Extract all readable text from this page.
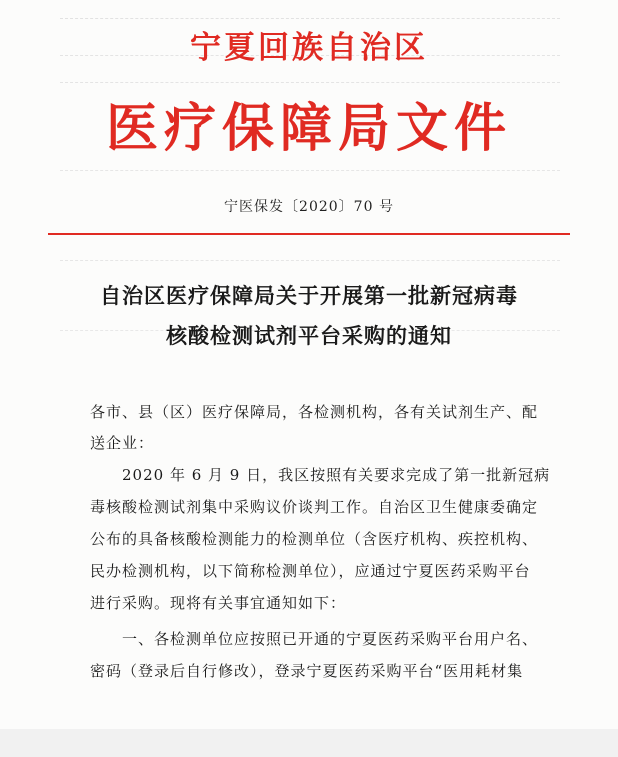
宁夏回族自治区
医疗保障局文件
宁医保发〔2020〕70 号
自治区医疗保障局关于开展第一批新冠病毒
核酸检测试剂平台采购的通知
各市、县（区）医疗保障局，各检测机构，各有关试剂生产、配
送企业：
　　2020 年 6 月 9 日，我区按照有关要求完成了第一批新冠病
毒核酸检测试剂集中采购议价谈判工作。自治区卫生健康委确定
公布的具备核酸检测能力的检测单位（含医疗机构、疾控机构、
民办检测机构，以下简称检测单位），应通过宁夏医药采购平台
进行采购。现将有关事宜通知如下：
　　一、各检测单位应按照已开通的宁夏医药采购平台用户名、
密码（登录后自行修改），登录宁夏医药采购平台“医用耗材集
